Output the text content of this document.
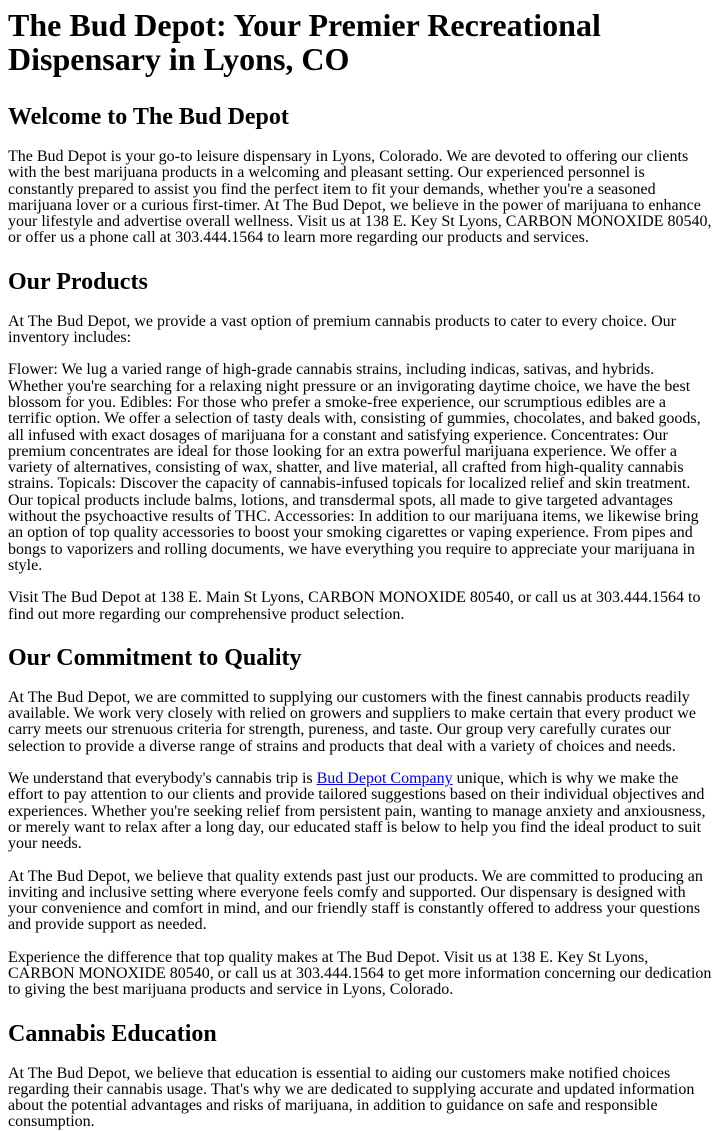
The Bud Depot: Your Premier Recreational Dispensary in Lyons, CO
Welcome to The Bud Depot

The Bud Depot is your go-to leisure dispensary in Lyons, Colorado. We are devoted to offering our clients with the best marijuana products in a welcoming and pleasant setting. Our experienced personnel is constantly prepared to assist you find the perfect item to fit your demands, whether you're a seasoned marijuana lover or a curious first-timer. At The Bud Depot, we believe in the power of marijuana to enhance your lifestyle and advertise overall wellness. Visit us at 138 E. Key St Lyons, CARBON MONOXIDE 80540, or offer us a phone call at 303.444.1564 to learn more regarding our products and services.

Our Products

At The Bud Depot, we provide a vast option of premium cannabis products to cater to every choice. Our inventory includes:

Flower: We lug a varied range of high-grade cannabis strains, including indicas, sativas, and hybrids. Whether you're searching for a relaxing night pressure or an invigorating daytime choice, we have the best blossom for you. Edibles: For those who prefer a smoke-free experience, our scrumptious edibles are a terrific option. We offer a selection of tasty deals with, consisting of gummies, chocolates, and baked goods, all infused with exact dosages of marijuana for a constant and satisfying experience. Concentrates: Our premium concentrates are ideal for those looking for an extra powerful marijuana experience. We offer a variety of alternatives, consisting of wax, shatter, and live material, all crafted from high-quality cannabis strains. Topicals: Discover the capacity of cannabis-infused topicals for localized relief and skin treatment. Our topical products include balms, lotions, and transdermal spots, all made to give targeted advantages without the psychoactive results of THC. Accessories: In addition to our marijuana items, we likewise bring an option of top quality accessories to boost your smoking cigarettes or vaping experience. From pipes and bongs to vaporizers and rolling documents, we have everything you require to appreciate your marijuana in style.

Visit The Bud Depot at 138 E. Main St Lyons, CARBON MONOXIDE 80540, or call us at 303.444.1564 to find out more regarding our comprehensive product selection.

Our Commitment to Quality

At The Bud Depot, we are committed to supplying our customers with the finest cannabis products readily available. We work very closely with relied on growers and suppliers to make certain that every product we carry meets our strenuous criteria for strength, pureness, and taste. Our group very carefully curates our selection to provide a diverse range of strains and products that deal with a variety of choices and needs.

We understand that everybody's cannabis trip is Bud Depot Company unique, which is why we make the effort to pay attention to our clients and provide tailored suggestions based on their individual objectives and experiences. Whether you're seeking relief from persistent pain, wanting to manage anxiety and anxiousness, or merely want to relax after a long day, our educated staff is below to help you find the ideal product to suit your needs.

At The Bud Depot, we believe that quality extends past just our products. We are committed to producing an inviting and inclusive setting where everyone feels comfy and supported. Our dispensary is designed with your convenience and comfort in mind, and our friendly staff is constantly offered to address your questions and provide support as needed.

Experience the difference that top quality makes at The Bud Depot. Visit us at 138 E. Key St Lyons, CARBON MONOXIDE 80540, or call us at 303.444.1564 to get more information concerning our dedication to giving the best marijuana products and service in Lyons, Colorado.

Cannabis Education

At The Bud Depot, we believe that education is essential to aiding our customers make notified choices regarding their cannabis usage. That's why we are dedicated to supplying accurate and updated information about the potential advantages and risks of marijuana, in addition to guidance on safe and responsible consumption.
